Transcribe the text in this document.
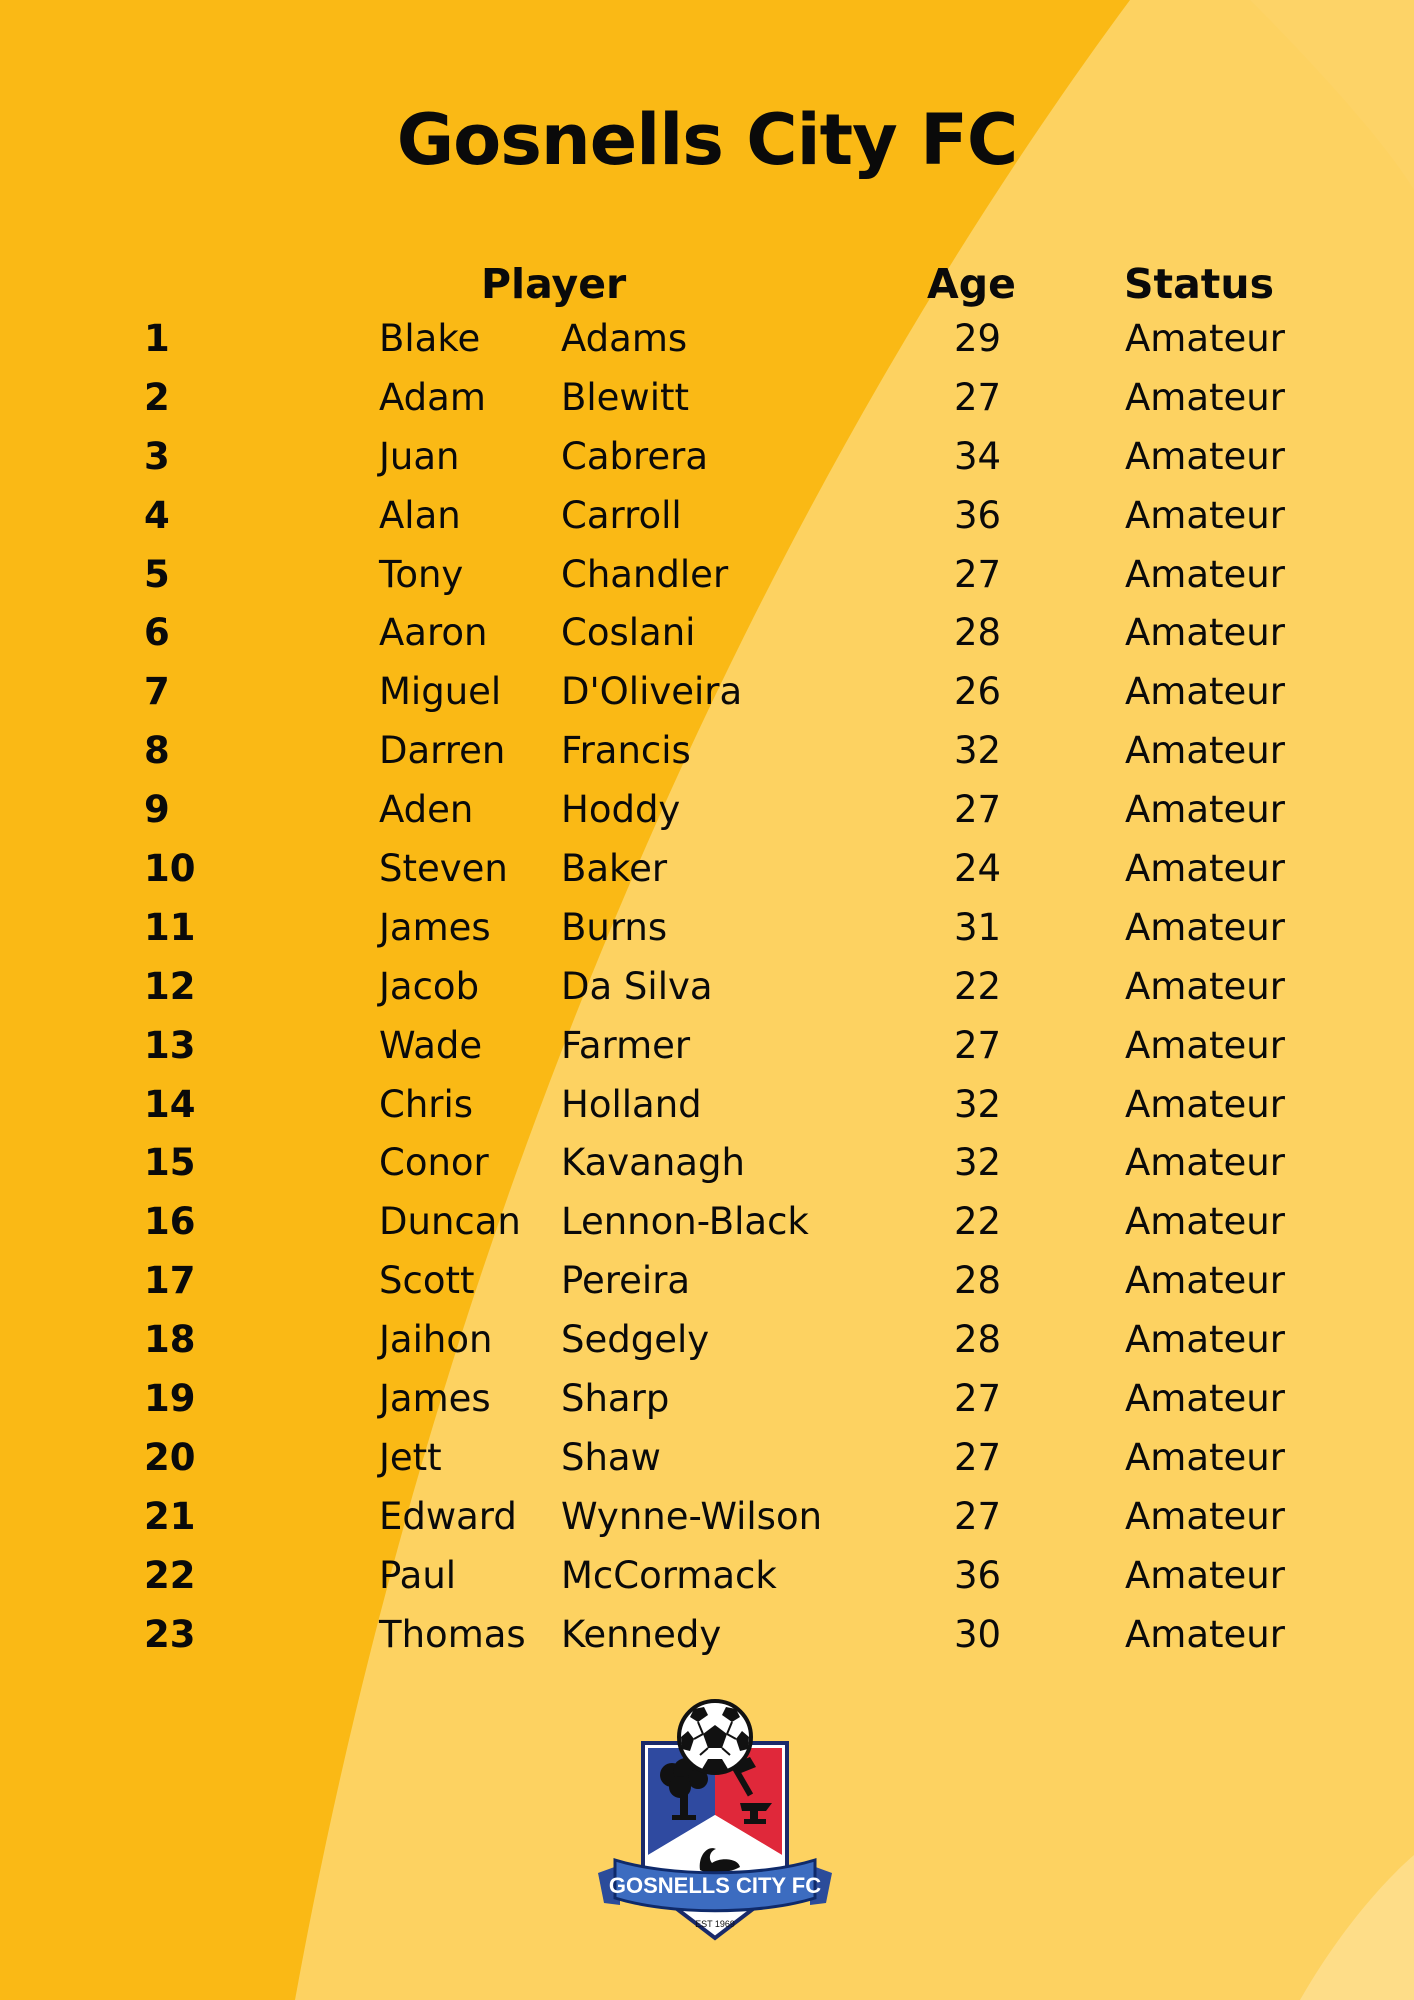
Gosnells City FC
Player	Age	Status
1	Blake Adams	29	Amateur
2	Adam Blewitt	27	Amateur
3	Juan	Cabrera	34	Amateur
4	Alan	Carroll	36	Amateur
5	Tony	Chandler	27	Amateur
6	Aaron Coslani	28	Amateur
7	Miguel D'Oliveira	26	Amateur
8	Darren Francis	32	Amateur
9	Aden Hoddy	27	Amateur
10	Steven Baker	24	Amateur
11	James Burns	31	Amateur
12	Jacob Da Silva	22	Amateur
13	Wade Farmer	27	Amateur
14	Chris Holland	32	Amateur
15	Conor Kavanagh	32	Amateur
16	Duncan Lennon-Black	22	Amateur
17	Scott Pereira	28	Amateur
18	Jaihon Sedgely	28	Amateur
19	James Sharp	27	Amateur
20	Jett	Shaw	27	Amateur
21	Edward Wynne-Wilson	27	Amateur
22	Paul	McCormack	36	Amateur
23	Thomas Kennedy	30	Amateur
GOSNELLS CITY FC
EST 1969
